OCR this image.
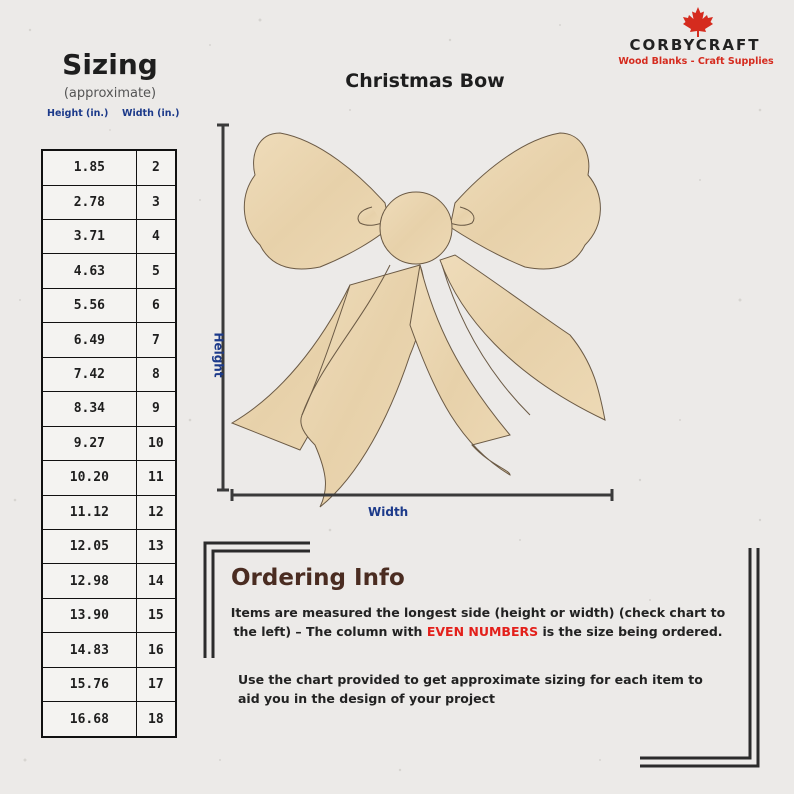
CORBYCRAFT
Wood Blanks - Craft Supplies
Sizing
(approximate)
Height (in.) Width (in.)
1.85	2
2.78	3
3.71	4
4.63	5
5.56	6
6.49	7
7.42	8
8.34	9
9.27	10
10.20	11
11.12	12
12.05	13
12.98	14
13.90	15
14.83	16
15.76	17
16.68	18
Christmas Bow
Height
Width
Ordering Info
Items are measured the longest side (height or width) (check chart to the left) – The column with EVEN NUMBERS is the size being ordered.
Use the chart provided to get approximate sizing for each item to aid you in the design of your project
